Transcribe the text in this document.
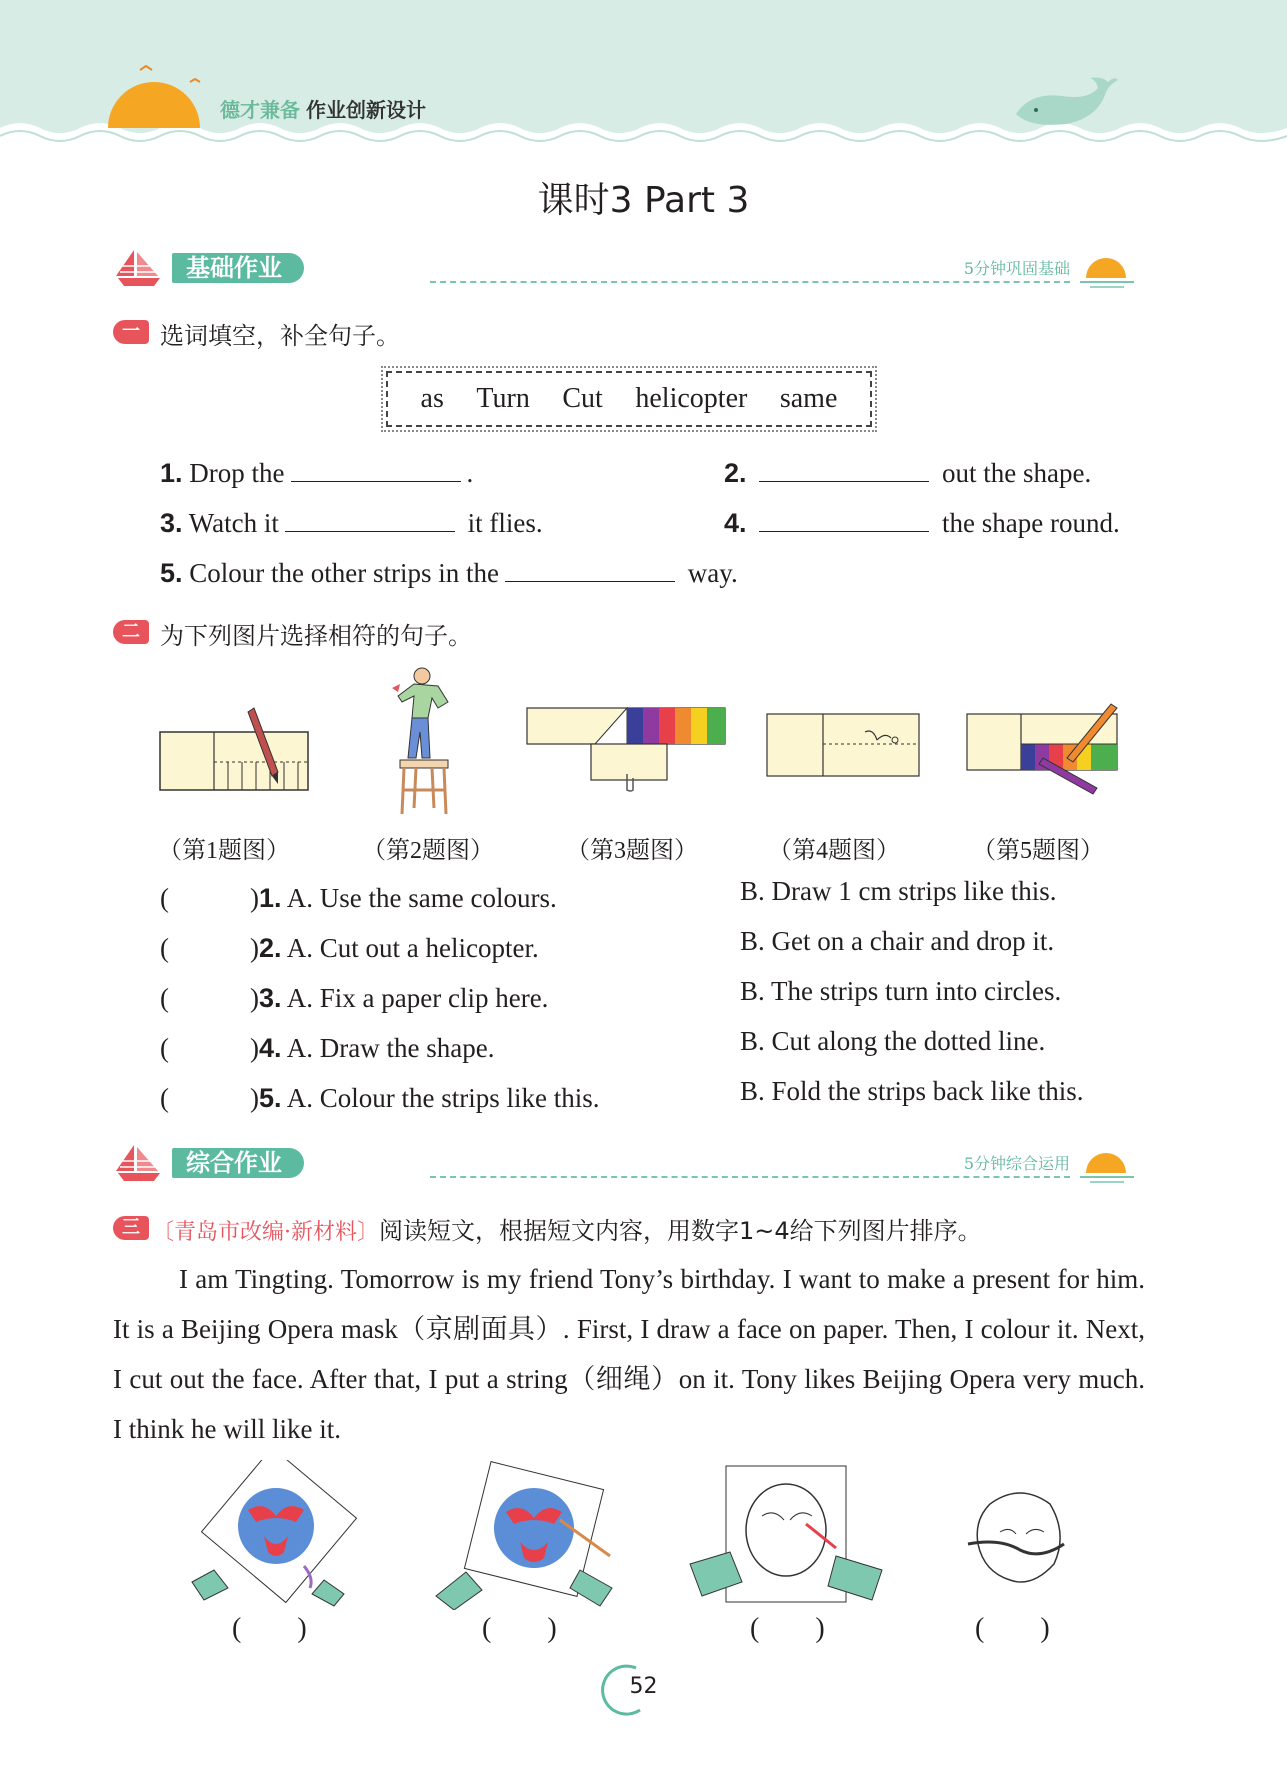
德才兼备 作业创新设计
课时3 Part 3
基础作业	5分钟巩固基础
一 选词填空，补全句子。
as Turn Cut helicopter same
1. Drop the	.	2.	out the shape.
3. Watch it	it flies.	4.	the shape round.
5. Colour the other strips in the	way.
二 为下列图片选择相符的句子。
（第1题图）	（第2题图）	（第3题图）	（第4题图）	（第5题图）
(　　　)1. A. Use the same colours.	B. Draw 1 cm strips like this.
(　　　)2. A. Cut out a helicopter.	B. Get on a chair and drop it.
(　　　)3. A. Fix a paper clip here.	B. The strips turn into circles.
(　　　)4. A. Draw the shape.	B. Cut along the dotted line.
(　　　)5. A. Colour the strips like this.	B. Fold the strips back like this.
综合作业	5分钟综合运用
三 〔青岛市改编·新材料〕阅读短文，根据短文内容，用数字1~4给下列图片排序。

I am Tingting. Tomorrow is my friend Tony’s birthday. I want to make a present for him. It is a Beijing Opera mask（京剧面具）. First, I draw a face on paper. Then, I colour it. Next, I cut out the face. After that, I put a string（细绳）on it. Tony likes Beijing Opera very much. I think he will like it.

(　　)	(　　)	(　　)	(　　)
52
